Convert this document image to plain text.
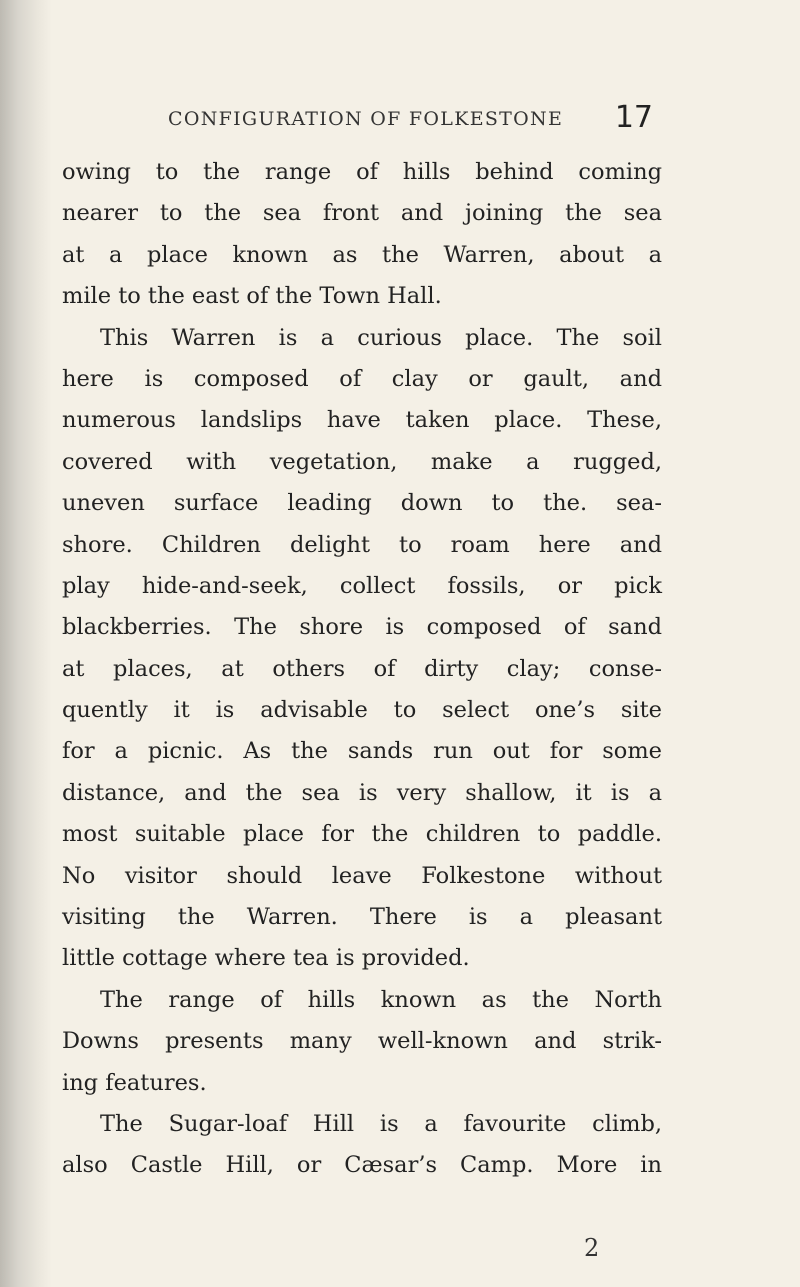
CONFIGURATION OF FOLKESTONE 17
owing to the range of hills behind coming
nearer to the sea front and joining the sea
at a place known as the Warren, about a
mile to the east of the Town Hall.
This Warren is a curious place. The soil
here is composed of clay or gault, and
numerous landslips have taken place. These,
covered with vegetation, make a rugged,
uneven surface leading down to the. sea-
shore. Children delight to roam here and
play hide-and-seek, collect fossils, or pick
blackberries. The shore is composed of sand
at places, at others of dirty clay; conse-
quently it is advisable to select one’s site
for a picnic. As the sands run out for some
distance, and the sea is very shallow, it is a
most suitable place for the children to paddle.
No visitor should leave Folkestone without
visiting the Warren. There is a pleasant
little cottage where tea is provided.
The range of hills known as the North
Downs presents many well-known and strik-
ing features.
The Sugar-loaf Hill is a favourite climb,
also Castle Hill, or Cæsar’s Camp. More in
2
